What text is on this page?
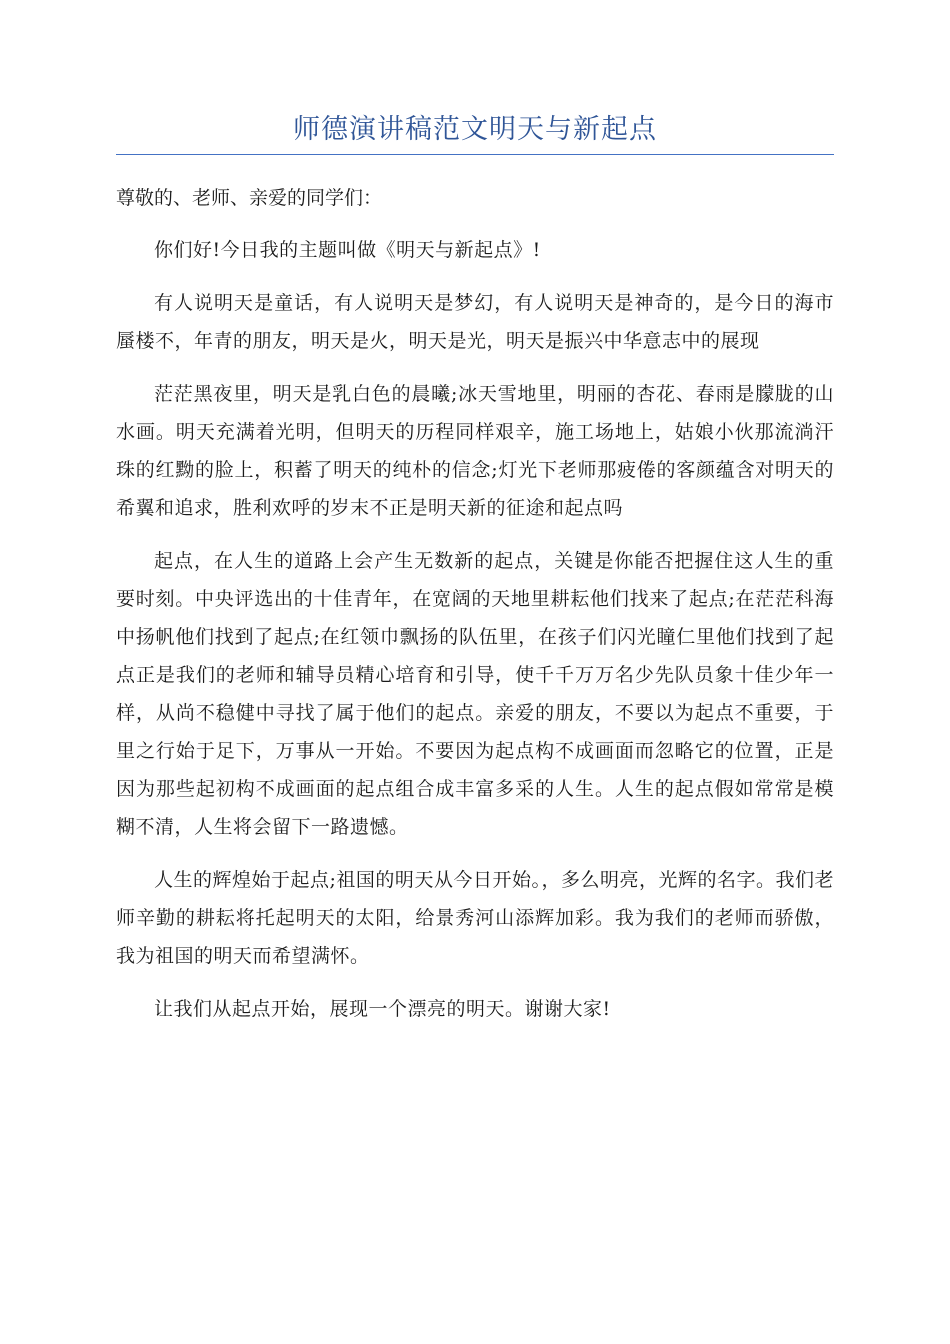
师德演讲稿范文明天与新起点

尊敬的、老师、亲爱的同学们：

你们好!今日我的主题叫做《明天与新起点》!

有人说明天是童话，有人说明天是梦幻，有人说明天是神奇的，是今日的海市蜃楼不，年青的朋友，明天是火，明天是光，明天是振兴中华意志中的展现

茫茫黑夜里，明天是乳白色的晨曦;冰天雪地里，明丽的杏花、春雨是朦胧的山水画。明天充满着光明，但明天的历程同样艰辛，施工场地上，姑娘小伙那流淌汗珠的红黝的脸上，积蓄了明天的纯朴的信念;灯光下老师那疲倦的客颜蕴含对明天的希翼和追求，胜利欢呼的岁末不正是明天新的征途和起点吗

起点，在人生的道路上会产生无数新的起点，关键是你能否把握住这人生的重要时刻。中央评选出的十佳青年，在宽阔的天地里耕耘他们找来了起点;在茫茫科海中扬帆他们找到了起点;在红领巾飘扬的队伍里，在孩子们闪光瞳仁里他们找到了起点正是我们的老师和辅导员精心培育和引导，使千千万万名少先队员象十佳少年一样，从尚不稳健中寻找了属于他们的起点。亲爱的朋友，不要以为起点不重要，于里之行始于足下，万事从一开始。不要因为起点构不成画面而忽略它的位置，正是因为那些起初构不成画面的起点组合成丰富多采的人生。人生的起点假如常常是模糊不清，人生将会留下一路遗憾。

人生的辉煌始于起点;祖国的明天从今日开始。，多么明亮，光辉的名字。我们老师辛勤的耕耘将托起明天的太阳，给景秀河山添辉加彩。我为我们的老师而骄傲，我为祖国的明天而希望满怀。

让我们从起点开始，展现一个漂亮的明天。谢谢大家!
